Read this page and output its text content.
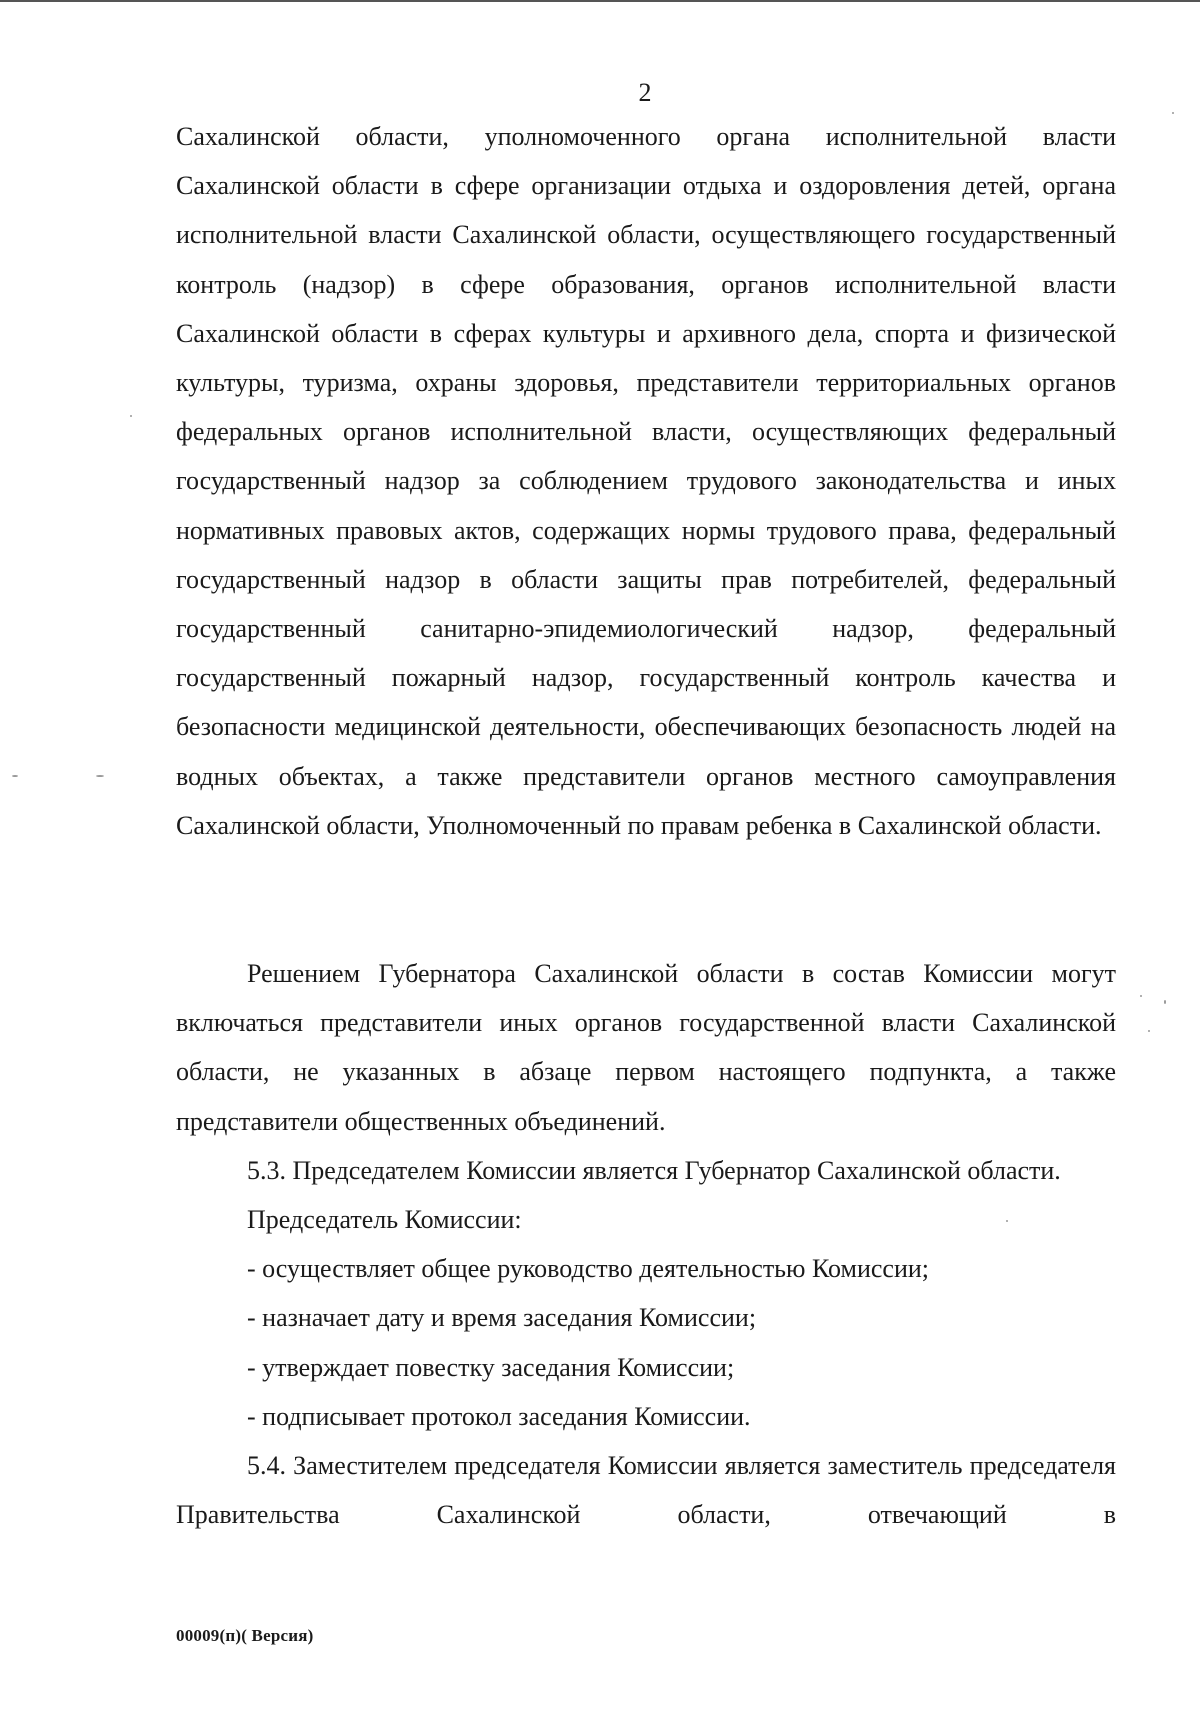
2

Сахалинской области, уполномоченного органа исполнительной власти Сахалинской области в сфере организации отдыха и оздоровления детей, органа исполнительной власти Сахалинской области, осуществляющего государственный контроль (надзор) в сфере образования, органов исполнительной власти Сахалинской области в сферах культуры и архивного дела, спорта и физической культуры, туризма, охраны здоровья, представители территориальных органов федеральных органов исполнительной власти, осуществляющих федеральный государственный надзор за соблюдением трудового законодательства и иных нормативных правовых актов, содержащих нормы трудового права, федеральный государственный надзор в области защиты прав потребителей, федеральный государственный санитарно-эпидемиологический надзор, федеральный государственный пожарный надзор, государственный контроль качества и безопасности медицинской деятельности, обеспечивающих безопасность людей на водных объектах, а также представители органов местного самоуправления Сахалинской области, Уполномоченный по правам ребенка в Сахалинской области.

Решением Губернатора Сахалинской области в состав Комиссии могут включаться представители иных органов государственной власти Сахалинской области, не указанных в абзаце первом настоящего подпункта, а также представители общественных объединений.

5.3. Председателем Комиссии является Губернатор Сахалинской области.

Председатель Комиссии:

- осуществляет общее руководство деятельностью Комиссии;

- назначает дату и время заседания Комиссии;

- утверждает повестку заседания Комиссии;

- подписывает протокол заседания Комиссии.

5.4. Заместителем председателя Комиссии является заместитель председателя Правительства Сахалинской области, отвечающий в

00009(п)( Версия)
